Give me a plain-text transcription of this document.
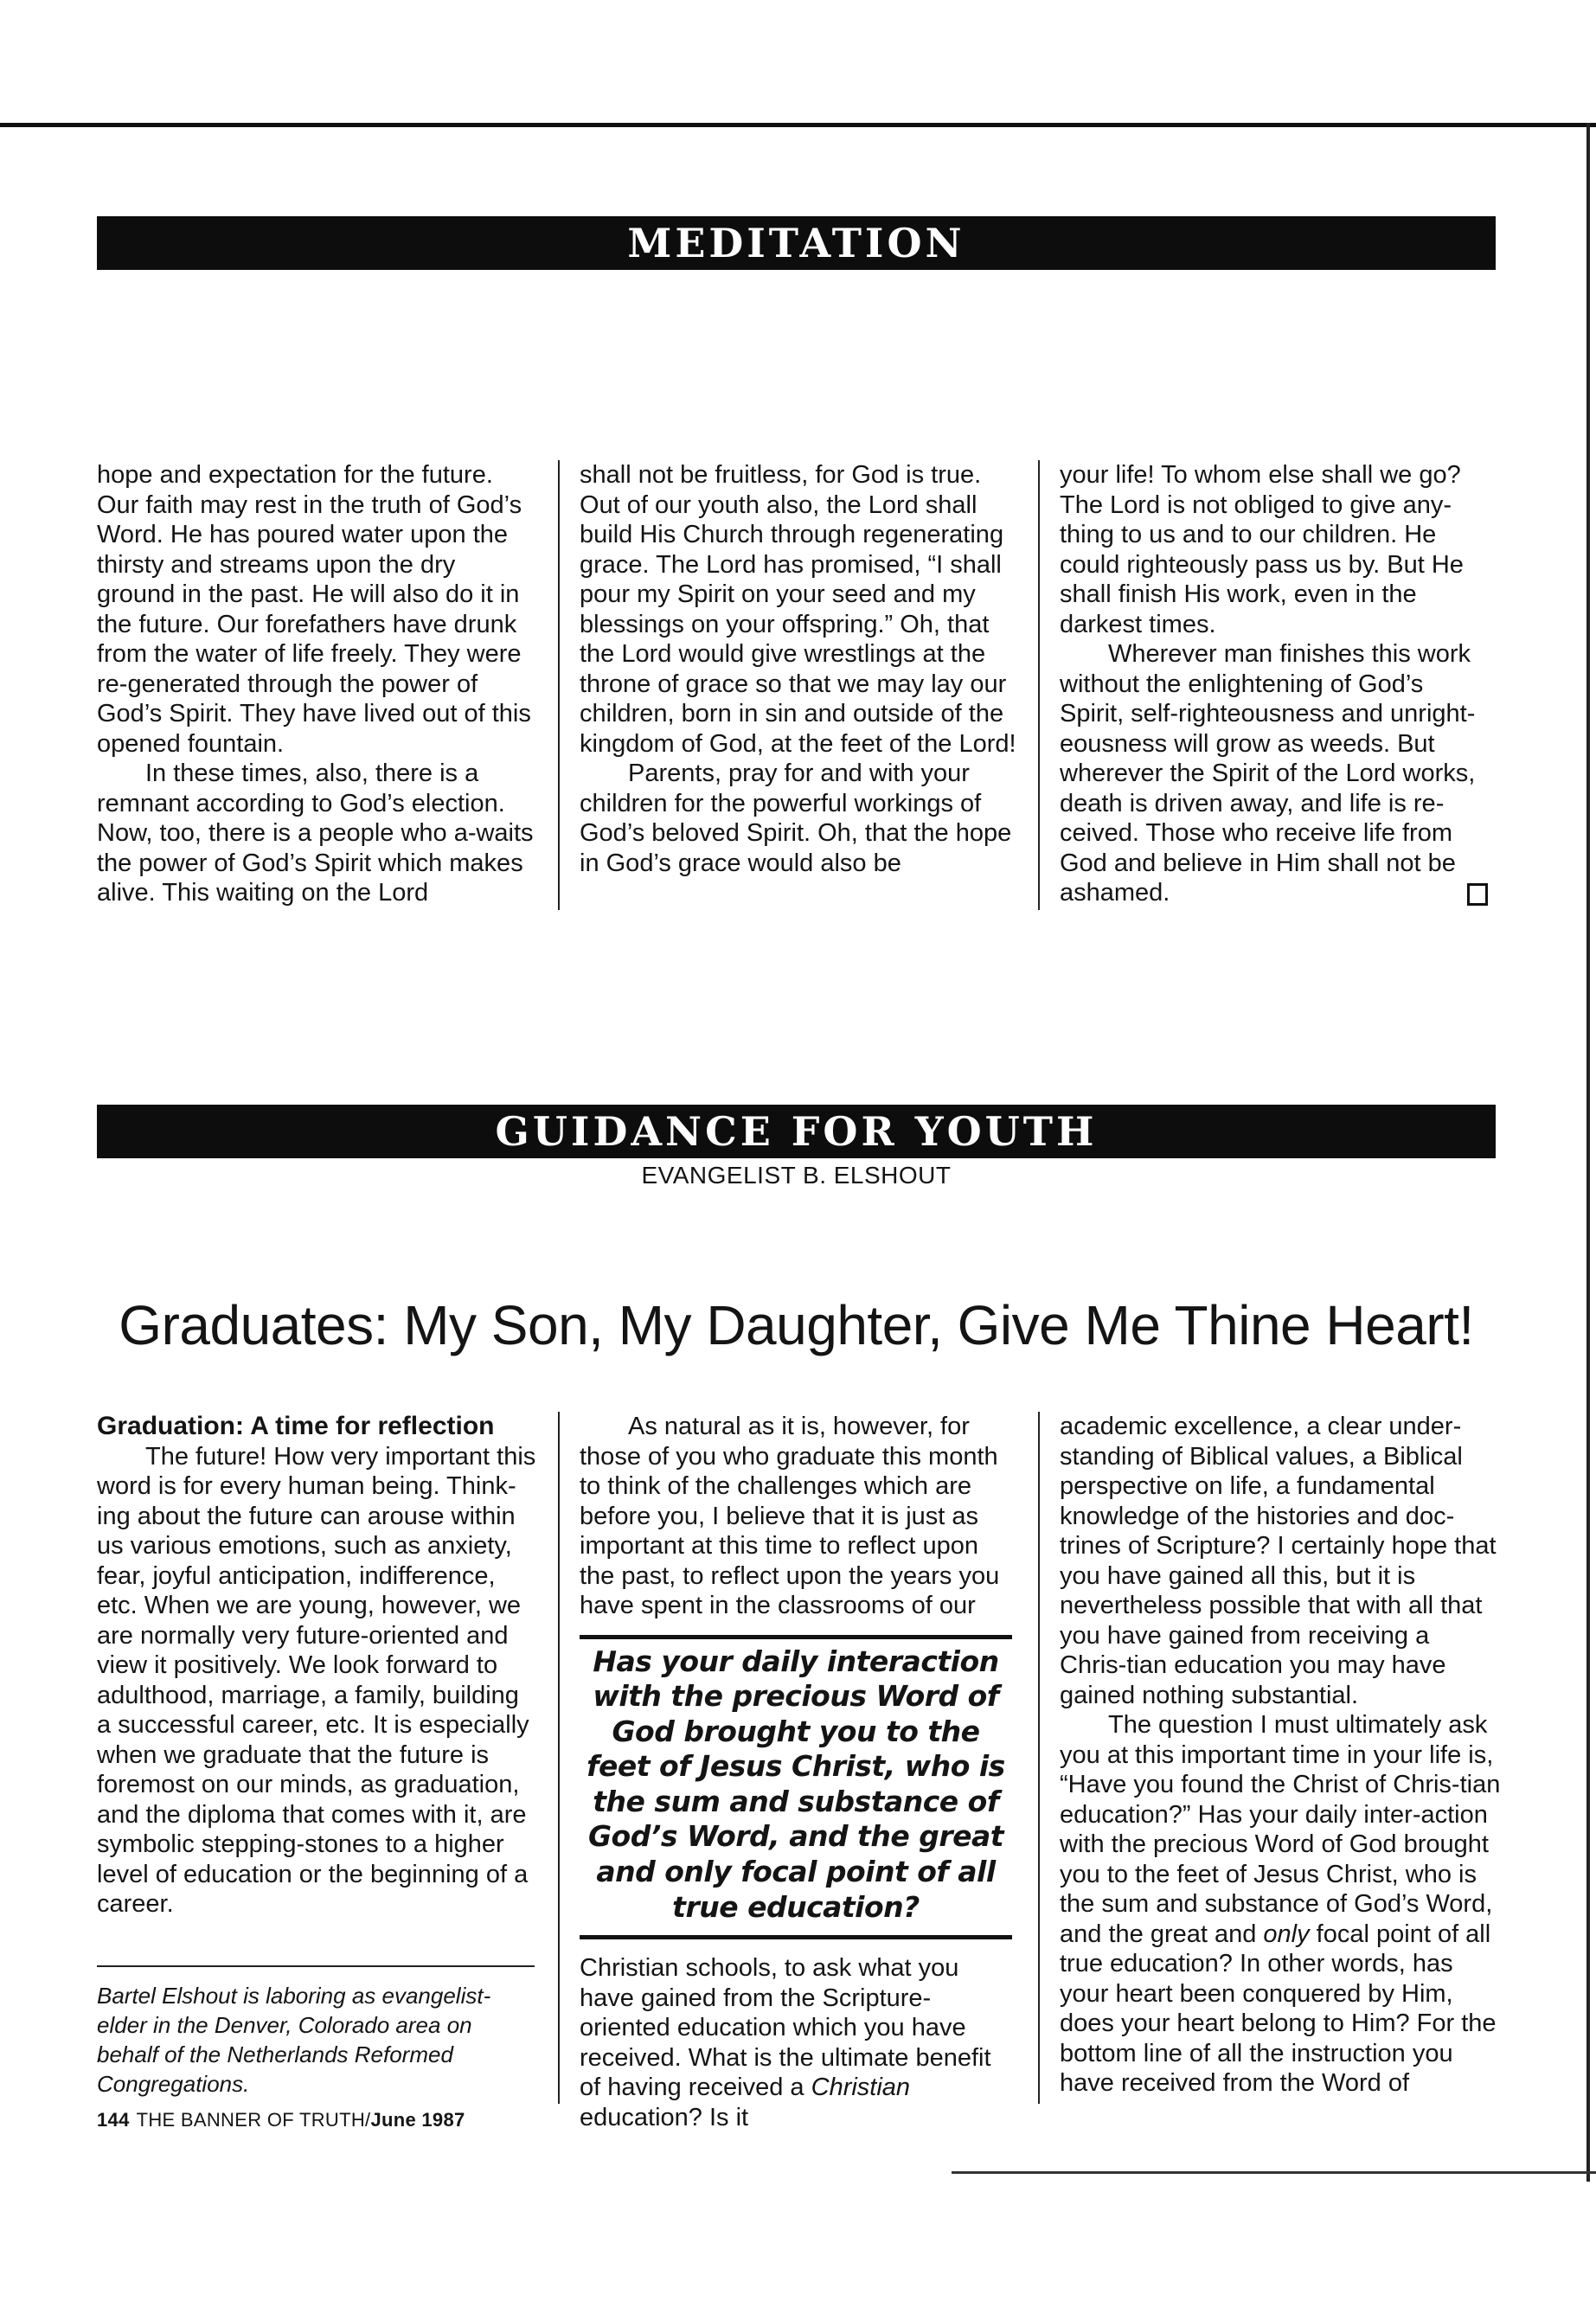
MEDITATION

hope and expectation for the future. Our faith may rest in the truth of God’s Word. He has poured water upon the thirsty and streams upon the dry ground in the past. He will also do it in the future. Our forefathers have drunk from the water of life freely. They were re-generated through the power of God’s Spirit. They have lived out of this opened fountain.

In these times, also, there is a remnant according to God’s election. Now, too, there is a people who a-waits the power of God’s Spirit which makes alive. This waiting on the Lord

shall not be fruitless, for God is true. Out of our youth also, the Lord shall build His Church through regenerating grace. The Lord has promised, “I shall pour my Spirit on your seed and my blessings on your offspring.” Oh, that the Lord would give wrestlings at the throne of grace so that we may lay our children, born in sin and outside of the kingdom of God, at the feet of the Lord!

Parents, pray for and with your children for the powerful workings of God’s beloved Spirit. Oh, that the hope in God’s grace would also be

your life! To whom else shall we go? The Lord is not obliged to give any-thing to us and to our children. He could righteously pass us by. But He shall finish His work, even in the darkest times.

Wherever man finishes this work without the enlightening of God’s Spirit, self-righteousness and unright-eousness will grow as weeds. But wherever the Spirit of the Lord works, death is driven away, and life is re-ceived. Those who receive life from God and believe in Him shall not be ashamed.

GUIDANCE FOR YOUTH
EVANGELIST B. ELSHOUT
Graduates: My Son, My Daughter, Give Me Thine Heart!

Graduation: A time for reflection

The future! How very important this word is for every human being. Think-ing about the future can arouse within us various emotions, such as anxiety, fear, joyful anticipation, indifference, etc. When we are young, however, we are normally very future-oriented and view it positively. We look forward to adulthood, marriage, a family, building a successful career, etc. It is especially when we graduate that the future is foremost on our minds, as graduation, and the diploma that comes with it, are symbolic stepping-stones to a higher level of education or the beginning of a career.

Bartel Elshout is laboring as evangelist-elder in the Denver, Colorado area on behalf of the Netherlands Reformed Congregations.
144 THE BANNER OF TRUTH/June 1987

As natural as it is, however, for those of you who graduate this month to think of the challenges which are before you, I believe that it is just as important at this time to reflect upon the past, to reflect upon the years you have spent in the classrooms of our

Has your daily interaction with the precious Word of God brought you to the feet of Jesus Christ, who is the sum and substance of God’s Word, and the great and only focal point of all true education?

Christian schools, to ask what you have gained from the Scripture-oriented education which you have received. What is the ultimate benefit of having received a Christian education? Is it

academic excellence, a clear under-standing of Biblical values, a Biblical perspective on life, a fundamental knowledge of the histories and doc-trines of Scripture? I certainly hope that you have gained all this, but it is nevertheless possible that with all that you have gained from receiving a Chris-tian education you may have gained nothing substantial.

The question I must ultimately ask you at this important time in your life is, “Have you found the Christ of Chris-tian education?” Has your daily inter-action with the precious Word of God brought you to the feet of Jesus Christ, who is the sum and substance of God’s Word, and the great and only focal point of all true education? In other words, has your heart been conquered by Him, does your heart belong to Him? For the bottom line of all the instruction you have received from the Word of
